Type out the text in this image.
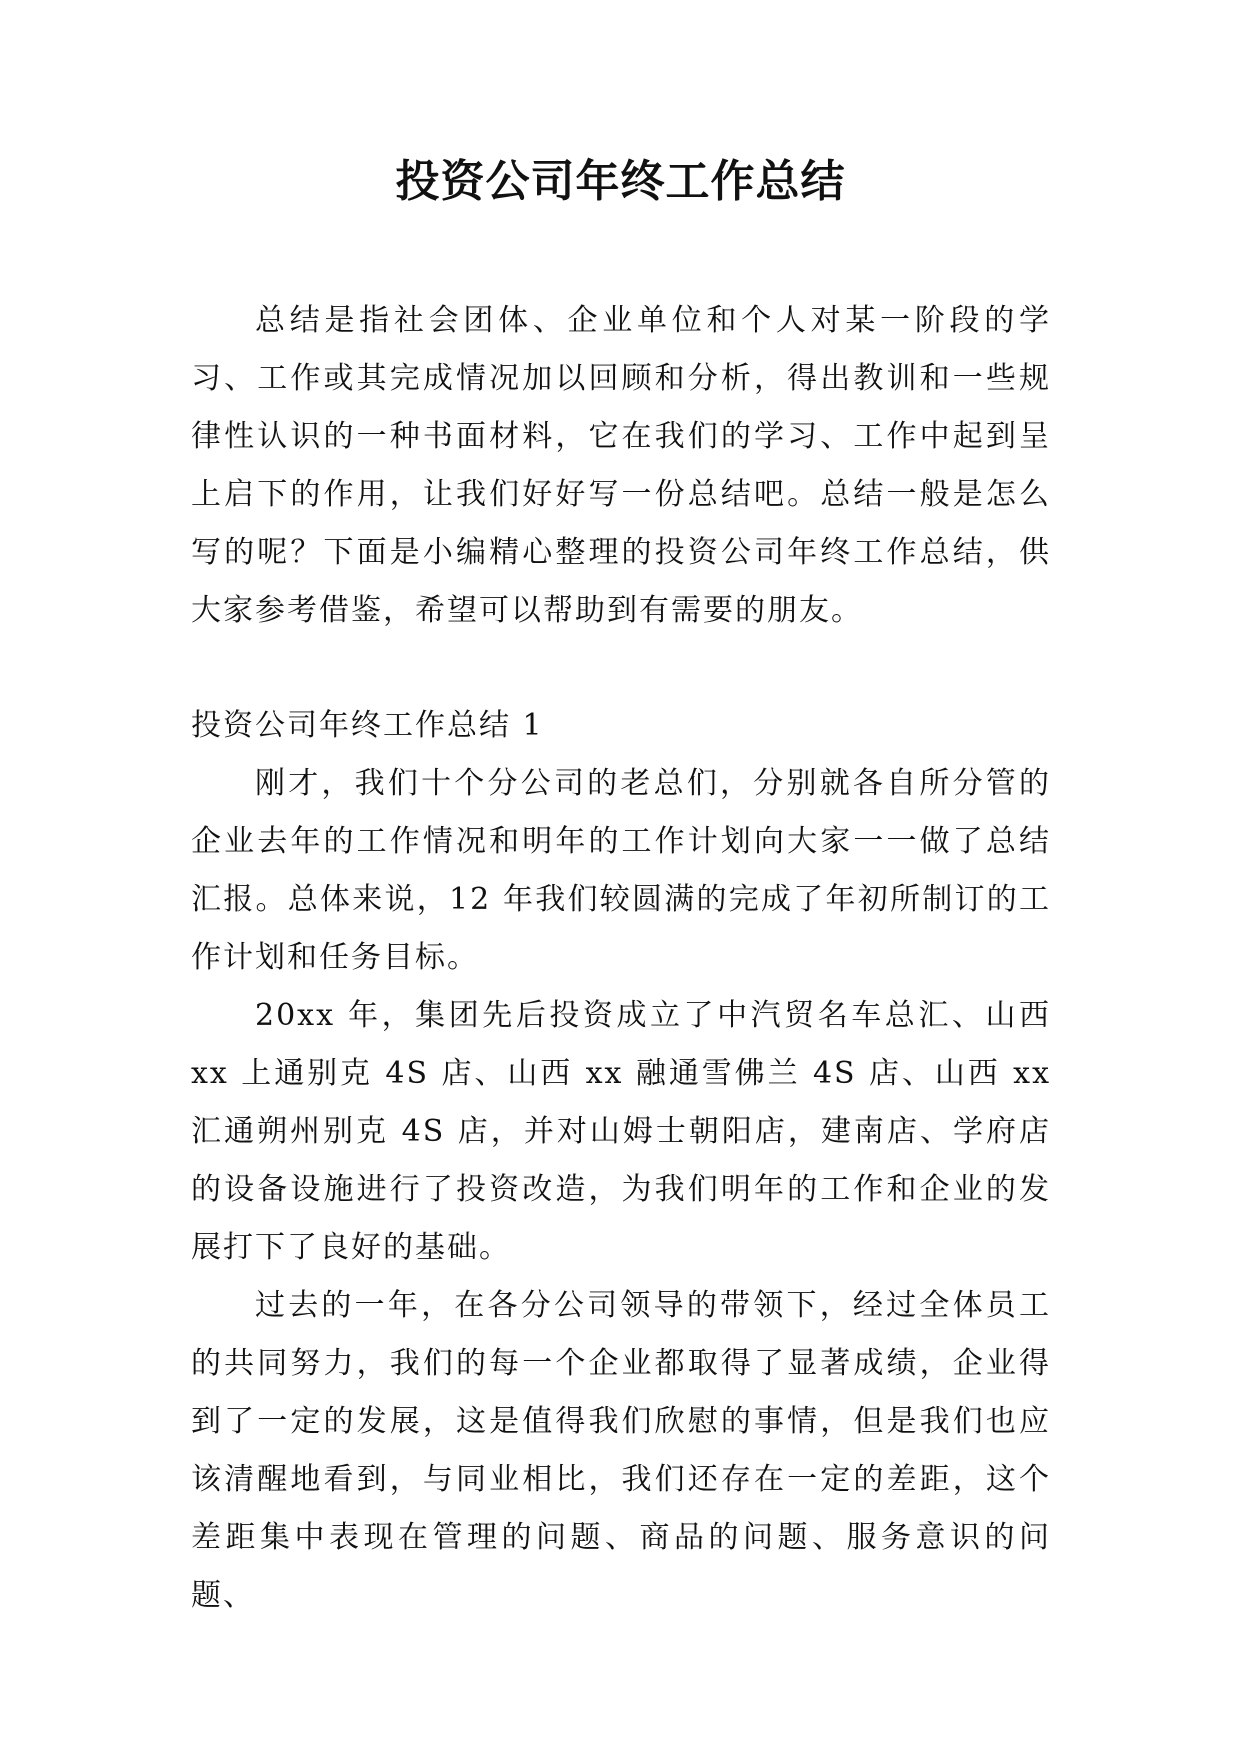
投资公司年终工作总结

总结是指社会团体、企业单位和个人对某一阶段的学习、工作或其完成情况加以回顾和分析，得出教训和一些规律性认识的一种书面材料，它在我们的学习、工作中起到呈上启下的作用，让我们好好写一份总结吧。总结一般是怎么写的呢？下面是小编精心整理的投资公司年终工作总结，供大家参考借鉴，希望可以帮助到有需要的朋友。

投资公司年终工作总结 1

刚才，我们十个分公司的老总们，分别就各自所分管的企业去年的工作情况和明年的工作计划向大家一一做了总结汇报。总体来说，12 年我们较圆满的完成了年初所制订的工作计划和任务目标。

20xx 年，集团先后投资成立了中汽贸名车总汇、山西 xx 上通别克 4S 店、山西 xx 融通雪佛兰 4S 店、山西 xx 汇通朔州别克 4S 店，并对山姆士朝阳店，建南店、学府店的设备设施进行了投资改造，为我们明年的工作和企业的发展打下了良好的基础。

过去的一年，在各分公司领导的带领下，经过全体员工的共同努力，我们的每一个企业都取得了显著成绩，企业得到了一定的发展，这是值得我们欣慰的事情，但是我们也应该清醒地看到，与同业相比，我们还存在一定的差距，这个差距集中表现在管理的问题、商品的问题、服务意识的问题、
